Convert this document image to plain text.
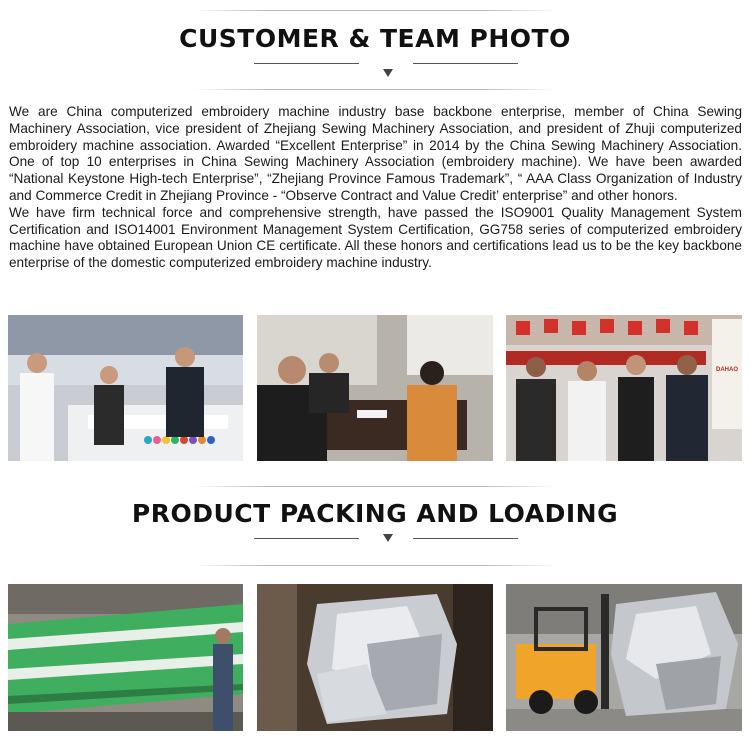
CUSTOMER & TEAM PHOTO

We are China computerized embroidery machine industry base backbone enterprise, member of China Sewing Machinery Association, vice president of Zhejiang Sewing Machinery Association, and president of Zhuji computerized embroidery machine association. Awarded “Excellent Enterprise” in 2014 by the China Sewing Machinery Association. One of top 10 enterprises in China Sewing Machinery Association (embroidery machine). We have been awarded “National Keystone High-tech Enterprise”, “Zhejiang Province Famous Trademark”, “ AAA Class Organization of Industry and Commerce Credit in Zhejiang Province - “Observe Contract and Value Credit’ enterprise” and other honors.

We have firm technical force and comprehensive strength, have passed the ISO9001 Quality Management System Certification and ISO14001 Environment Management System Certification, GG758 series of computerized embroidery machine have obtained European Union CE certificate. All these honors and certifications lead us to be the key backbone enterprise of the domestic computerized embroidery machine industry.

DAHAO
PRODUCT PACKING AND LOADING
